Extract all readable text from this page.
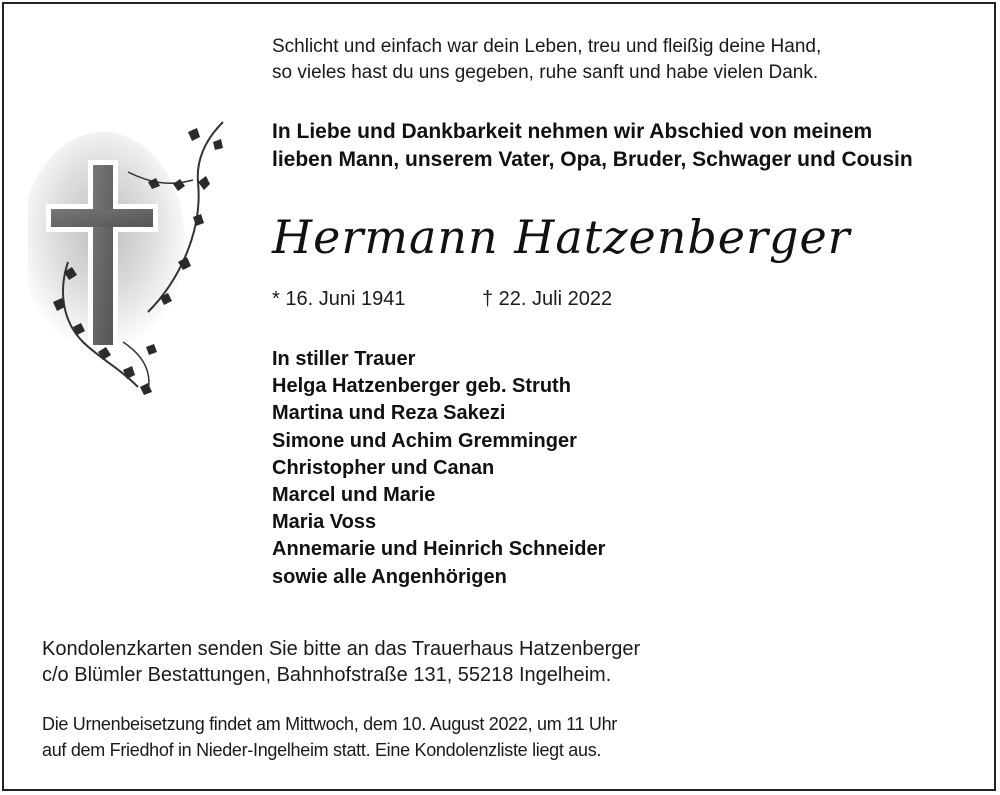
Schlicht und einfach war dein Leben, treu und fleißig deine Hand,
so vieles hast du uns gegeben, ruhe sanft und habe vielen Dank.
In Liebe und Dankbarkeit nehmen wir Abschied von meinem
lieben Mann, unserem Vater, Opa, Bruder, Schwager und Cousin
Hermann Hatzenberger
* 16. Juni 1941	† 22. Juli 2022
In stiller Trauer
Helga Hatzenberger geb. Struth
Martina und Reza Sakezi
Simone und Achim Gremminger
Christopher und Canan
Marcel und Marie
Maria Voss
Annemarie und Heinrich Schneider
sowie alle Angenhörigen
Kondolenzkarten senden Sie bitte an das Trauerhaus Hatzenberger
c/o Blümler Bestattungen, Bahnhofstraße 131, 55218 Ingelheim.
Die Urnenbeisetzung findet am Mittwoch, dem 10. August 2022, um 11 Uhr
auf dem Friedhof in Nieder-Ingelheim statt. Eine Kondolenzliste liegt aus.
